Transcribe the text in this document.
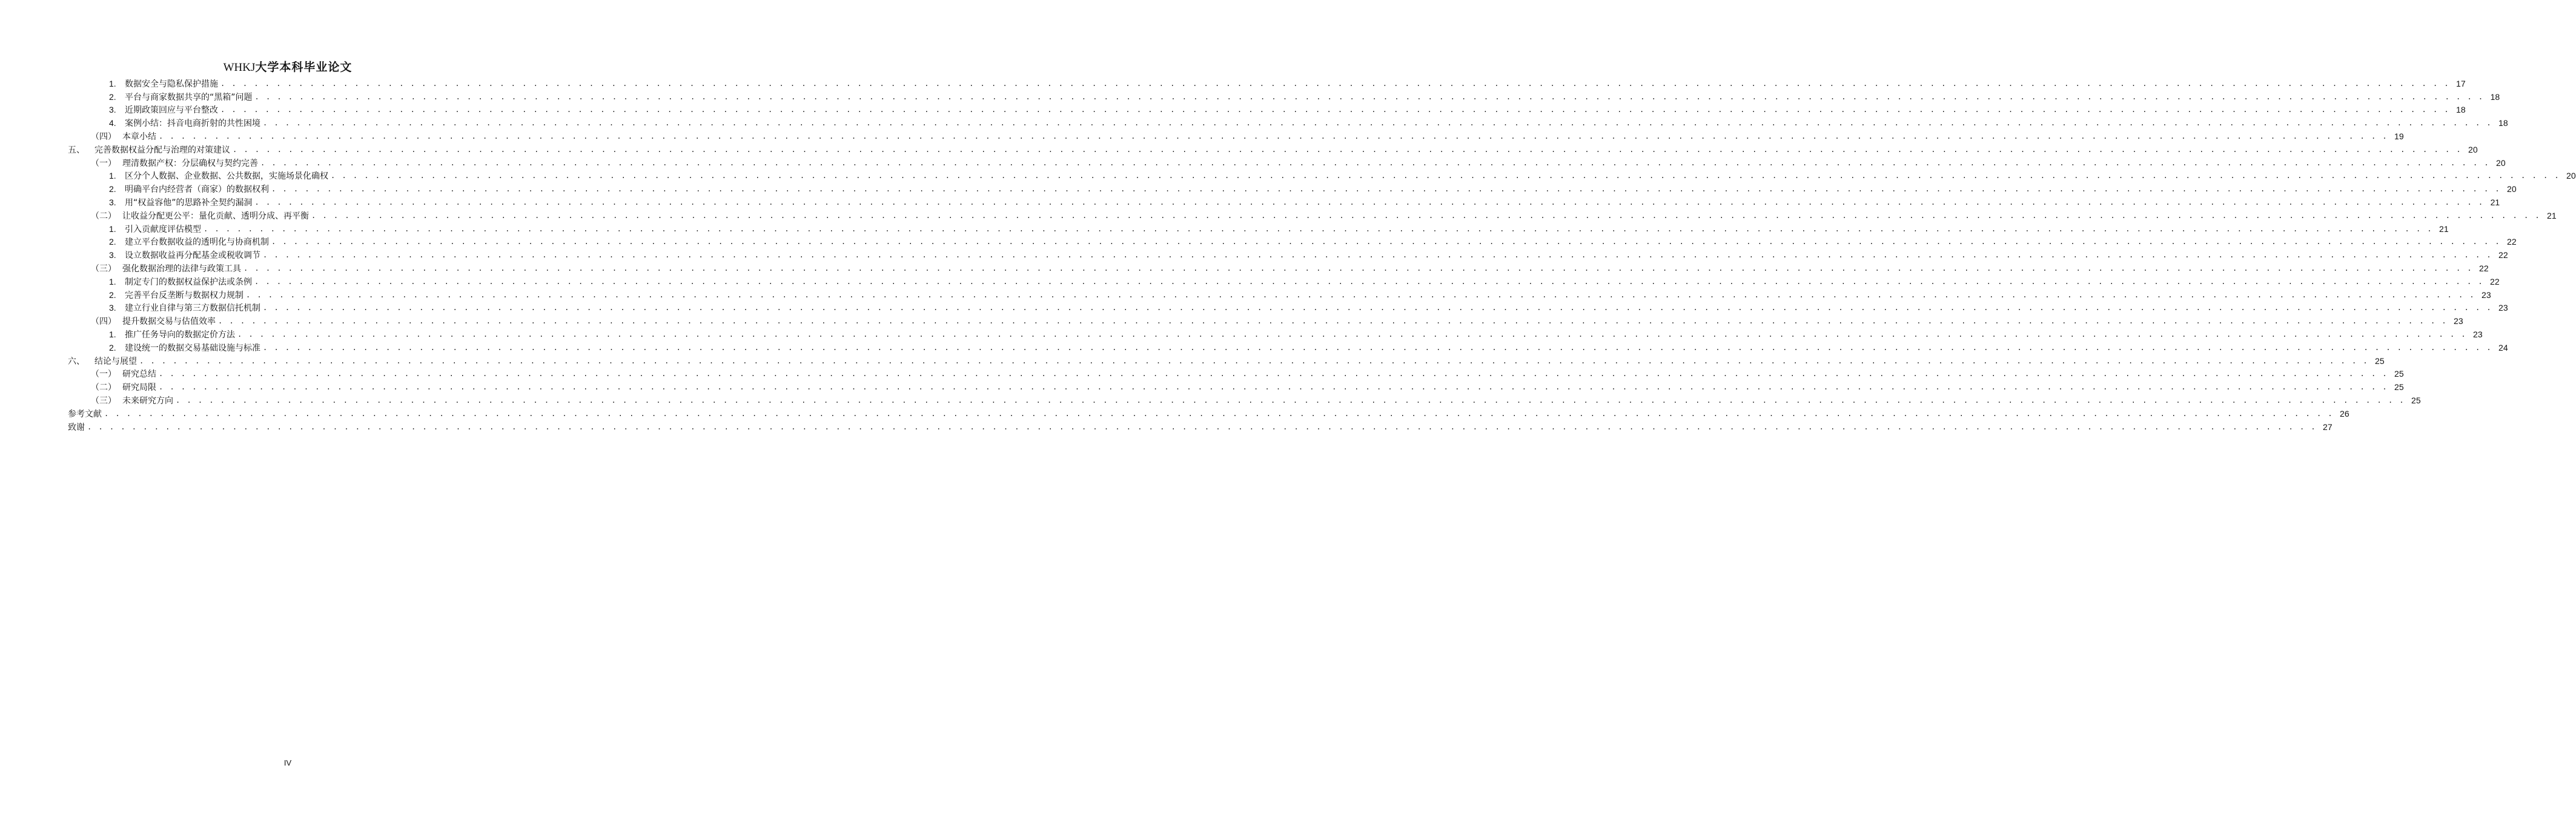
WHKJ大学本科毕业论文
1.	数据安全与隐私保护措施 . . . . . . . . . . . . . . . . . . . . . . . . . . . . . . . . . . . . . . . . . . . . . . . . . . . . . . . . . . . . . . . . . . . . . . . . . . . . . . . . . . . . . . . . . . . . . . . . . . . . . . . . . . . . . . . . . . . . . . . . . . . . . . . . . . . . . . . . . . . . . . . . . . . . . . . . . . . . . . . . . . . . . . . . . . . . . . . . . . . . . . . . . . . . . . . . . . . . . . . . 17
2.	平台与商家数据共享的“黑箱”问题 . . . . . . . . . . . . . . . . . . . . . . . . . . . . . . . . . . . . . . . . . . . . . . . . . . . . . . . . . . . . . . . . . . . . . . . . . . . . . . . . . . . . . . . . . . . . . . . . . . . . . . . . . . . . . . . . . . . . . . . . . . . . . . . . . . . . . . . . . . . . . . . . . . . . . . . . . . . . . . . . . . . . . . . . . . . . . . . . . . . . . . . . . . . . . . . . . . . . . . . . 18
3.	近期政策回应与平台整改 . . . . . . . . . . . . . . . . . . . . . . . . . . . . . . . . . . . . . . . . . . . . . . . . . . . . . . . . . . . . . . . . . . . . . . . . . . . . . . . . . . . . . . . . . . . . . . . . . . . . . . . . . . . . . . . . . . . . . . . . . . . . . . . . . . . . . . . . . . . . . . . . . . . . . . . . . . . . . . . . . . . . . . . . . . . . . . . . . . . . . . . . . . . . . . . . . . . . . . . . 18
4.	案例小结：抖音电商折射的共性困境 . . . . . . . . . . . . . . . . . . . . . . . . . . . . . . . . . . . . . . . . . . . . . . . . . . . . . . . . . . . . . . . . . . . . . . . . . . . . . . . . . . . . . . . . . . . . . . . . . . . . . . . . . . . . . . . . . . . . . . . . . . . . . . . . . . . . . . . . . . . . . . . . . . . . . . . . . . . . . . . . . . . . . . . . . . . . . . . . . . . . . . . . . . . . . . . . . . . . . . . . 18
（四） 本章小结 . . . . . . . . . . . . . . . . . . . . . . . . . . . . . . . . . . . . . . . . . . . . . . . . . . . . . . . . . . . . . . . . . . . . . . . . . . . . . . . . . . . . . . . . . . . . . . . . . . . . . . . . . . . . . . . . . . . . . . . . . . . . . . . . . . . . . . . . . . . . . . . . . . . . . . . . . . . . . . . . . . . . . . . . . . . . . . . . . . . . . . . . . . . . . . . . . . . . . . . . 19
五、	完善数据权益分配与治理的对策建议 . . . . . . . . . . . . . . . . . . . . . . . . . . . . . . . . . . . . . . . . . . . . . . . . . . . . . . . . . . . . . . . . . . . . . . . . . . . . . . . . . . . . . . . . . . . . . . . . . . . . . . . . . . . . . . . . . . . . . . . . . . . . . . . . . . . . . . . . . . . . . . . . . . . . . . . . . . . . . . . . . . . . . . . . . . . . . . . . . . . . . . . . . . . . . . . . . . . . . . . . 20
（一） 理清数据产权：分层确权与契约完善 . . . . . . . . . . . . . . . . . . . . . . . . . . . . . . . . . . . . . . . . . . . . . . . . . . . . . . . . . . . . . . . . . . . . . . . . . . . . . . . . . . . . . . . . . . . . . . . . . . . . . . . . . . . . . . . . . . . . . . . . . . . . . . . . . . . . . . . . . . . . . . . . . . . . . . . . . . . . . . . . . . . . . . . . . . . . . . . . . . . . . . . . . . . . . . . . . . . . . . . . 20
1.	区分个人数据、企业数据、公共数据，实施场景化确权 . . . . . . . . . . . . . . . . . . . . . . . . . . . . . . . . . . . . . . . . . . . . . . . . . . . . . . . . . . . . . . . . . . . . . . . . . . . . . . . . . . . . . . . . . . . . . . . . . . . . . . . . . . . . . . . . . . . . . . . . . . . . . . . . . . . . . . . . . . . . . . . . . . . . . . . . . . . . . . . . . . . . . . . . . . . . . . . . . . . . . . . . . . . . . . . . . . . . . . . . 20
2.	明确平台内经营者（商家）的数据权利 . . . . . . . . . . . . . . . . . . . . . . . . . . . . . . . . . . . . . . . . . . . . . . . . . . . . . . . . . . . . . . . . . . . . . . . . . . . . . . . . . . . . . . . . . . . . . . . . . . . . . . . . . . . . . . . . . . . . . . . . . . . . . . . . . . . . . . . . . . . . . . . . . . . . . . . . . . . . . . . . . . . . . . . . . . . . . . . . . . . . . . . . . . . . . . . . . . . . . . . . 20
3.	用“权益容他”的思路补全契约漏洞 . . . . . . . . . . . . . . . . . . . . . . . . . . . . . . . . . . . . . . . . . . . . . . . . . . . . . . . . . . . . . . . . . . . . . . . . . . . . . . . . . . . . . . . . . . . . . . . . . . . . . . . . . . . . . . . . . . . . . . . . . . . . . . . . . . . . . . . . . . . . . . . . . . . . . . . . . . . . . . . . . . . . . . . . . . . . . . . . . . . . . . . . . . . . . . . . . . . . . . . . 21
（二） 让收益分配更公平：量化贡献、透明分成、再平衡 . . . . . . . . . . . . . . . . . . . . . . . . . . . . . . . . . . . . . . . . . . . . . . . . . . . . . . . . . . . . . . . . . . . . . . . . . . . . . . . . . . . . . . . . . . . . . . . . . . . . . . . . . . . . . . . . . . . . . . . . . . . . . . . . . . . . . . . . . . . . . . . . . . . . . . . . . . . . . . . . . . . . . . . . . . . . . . . . . . . . . . . . . . . . . . . . . . . . . . . . 21
1.	引入贡献度评估模型 . . . . . . . . . . . . . . . . . . . . . . . . . . . . . . . . . . . . . . . . . . . . . . . . . . . . . . . . . . . . . . . . . . . . . . . . . . . . . . . . . . . . . . . . . . . . . . . . . . . . . . . . . . . . . . . . . . . . . . . . . . . . . . . . . . . . . . . . . . . . . . . . . . . . . . . . . . . . . . . . . . . . . . . . . . . . . . . . . . . . . . . . . . . . . . . . . . . . . . . . 21
2.	建立平台数据收益的透明化与协商机制 . . . . . . . . . . . . . . . . . . . . . . . . . . . . . . . . . . . . . . . . . . . . . . . . . . . . . . . . . . . . . . . . . . . . . . . . . . . . . . . . . . . . . . . . . . . . . . . . . . . . . . . . . . . . . . . . . . . . . . . . . . . . . . . . . . . . . . . . . . . . . . . . . . . . . . . . . . . . . . . . . . . . . . . . . . . . . . . . . . . . . . . . . . . . . . . . . . . . . . . . 22
3.	设立数据收益再分配基金或税收调节 . . . . . . . . . . . . . . . . . . . . . . . . . . . . . . . . . . . . . . . . . . . . . . . . . . . . . . . . . . . . . . . . . . . . . . . . . . . . . . . . . . . . . . . . . . . . . . . . . . . . . . . . . . . . . . . . . . . . . . . . . . . . . . . . . . . . . . . . . . . . . . . . . . . . . . . . . . . . . . . . . . . . . . . . . . . . . . . . . . . . . . . . . . . . . . . . . . . . . . . . 22
（三） 强化数据治理的法律与政策工具 . . . . . . . . . . . . . . . . . . . . . . . . . . . . . . . . . . . . . . . . . . . . . . . . . . . . . . . . . . . . . . . . . . . . . . . . . . . . . . . . . . . . . . . . . . . . . . . . . . . . . . . . . . . . . . . . . . . . . . . . . . . . . . . . . . . . . . . . . . . . . . . . . . . . . . . . . . . . . . . . . . . . . . . . . . . . . . . . . . . . . . . . . . . . . . . . . . . . . . . . 22
1.	制定专门的数据权益保护法或条例 . . . . . . . . . . . . . . . . . . . . . . . . . . . . . . . . . . . . . . . . . . . . . . . . . . . . . . . . . . . . . . . . . . . . . . . . . . . . . . . . . . . . . . . . . . . . . . . . . . . . . . . . . . . . . . . . . . . . . . . . . . . . . . . . . . . . . . . . . . . . . . . . . . . . . . . . . . . . . . . . . . . . . . . . . . . . . . . . . . . . . . . . . . . . . . . . . . . . . . . . 22
2.	完善平台反垄断与数据权力规制 . . . . . . . . . . . . . . . . . . . . . . . . . . . . . . . . . . . . . . . . . . . . . . . . . . . . . . . . . . . . . . . . . . . . . . . . . . . . . . . . . . . . . . . . . . . . . . . . . . . . . . . . . . . . . . . . . . . . . . . . . . . . . . . . . . . . . . . . . . . . . . . . . . . . . . . . . . . . . . . . . . . . . . . . . . . . . . . . . . . . . . . . . . . . . . . . . . . . . . . . 23
3.	建立行业自律与第三方数据信托机制 . . . . . . . . . . . . . . . . . . . . . . . . . . . . . . . . . . . . . . . . . . . . . . . . . . . . . . . . . . . . . . . . . . . . . . . . . . . . . . . . . . . . . . . . . . . . . . . . . . . . . . . . . . . . . . . . . . . . . . . . . . . . . . . . . . . . . . . . . . . . . . . . . . . . . . . . . . . . . . . . . . . . . . . . . . . . . . . . . . . . . . . . . . . . . . . . . . . . . . . . 23
（四） 提升数据交易与估值效率 . . . . . . . . . . . . . . . . . . . . . . . . . . . . . . . . . . . . . . . . . . . . . . . . . . . . . . . . . . . . . . . . . . . . . . . . . . . . . . . . . . . . . . . . . . . . . . . . . . . . . . . . . . . . . . . . . . . . . . . . . . . . . . . . . . . . . . . . . . . . . . . . . . . . . . . . . . . . . . . . . . . . . . . . . . . . . . . . . . . . . . . . . . . . . . . . . . . . . . . . 23
1.	推广任务导向的数据定价方法 . . . . . . . . . . . . . . . . . . . . . . . . . . . . . . . . . . . . . . . . . . . . . . . . . . . . . . . . . . . . . . . . . . . . . . . . . . . . . . . . . . . . . . . . . . . . . . . . . . . . . . . . . . . . . . . . . . . . . . . . . . . . . . . . . . . . . . . . . . . . . . . . . . . . . . . . . . . . . . . . . . . . . . . . . . . . . . . . . . . . . . . . . . . . . . . . . . . . . . . . 23
2.	建设统一的数据交易基础设施与标准 . . . . . . . . . . . . . . . . . . . . . . . . . . . . . . . . . . . . . . . . . . . . . . . . . . . . . . . . . . . . . . . . . . . . . . . . . . . . . . . . . . . . . . . . . . . . . . . . . . . . . . . . . . . . . . . . . . . . . . . . . . . . . . . . . . . . . . . . . . . . . . . . . . . . . . . . . . . . . . . . . . . . . . . . . . . . . . . . . . . . . . . . . . . . . . . . . . . . . . . . 24
六、	结论与展望 . . . . . . . . . . . . . . . . . . . . . . . . . . . . . . . . . . . . . . . . . . . . . . . . . . . . . . . . . . . . . . . . . . . . . . . . . . . . . . . . . . . . . . . . . . . . . . . . . . . . . . . . . . . . . . . . . . . . . . . . . . . . . . . . . . . . . . . . . . . . . . . . . . . . . . . . . . . . . . . . . . . . . . . . . . . . . . . . . . . . . . . . . . . . . . . . . . . . . . . . 25
（一） 研究总结 . . . . . . . . . . . . . . . . . . . . . . . . . . . . . . . . . . . . . . . . . . . . . . . . . . . . . . . . . . . . . . . . . . . . . . . . . . . . . . . . . . . . . . . . . . . . . . . . . . . . . . . . . . . . . . . . . . . . . . . . . . . . . . . . . . . . . . . . . . . . . . . . . . . . . . . . . . . . . . . . . . . . . . . . . . . . . . . . . . . . . . . . . . . . . . . . . . . . . . . . 25
（二） 研究局限 . . . . . . . . . . . . . . . . . . . . . . . . . . . . . . . . . . . . . . . . . . . . . . . . . . . . . . . . . . . . . . . . . . . . . . . . . . . . . . . . . . . . . . . . . . . . . . . . . . . . . . . . . . . . . . . . . . . . . . . . . . . . . . . . . . . . . . . . . . . . . . . . . . . . . . . . . . . . . . . . . . . . . . . . . . . . . . . . . . . . . . . . . . . . . . . . . . . . . . . . 25
（三） 未来研究方向 . . . . . . . . . . . . . . . . . . . . . . . . . . . . . . . . . . . . . . . . . . . . . . . . . . . . . . . . . . . . . . . . . . . . . . . . . . . . . . . . . . . . . . . . . . . . . . . . . . . . . . . . . . . . . . . . . . . . . . . . . . . . . . . . . . . . . . . . . . . . . . . . . . . . . . . . . . . . . . . . . . . . . . . . . . . . . . . . . . . . . . . . . . . . . . . . . . . . . . . . 25
参考文献 . . . . . . . . . . . . . . . . . . . . . . . . . . . . . . . . . . . . . . . . . . . . . . . . . . . . . . . . . . . . . . . . . . . . . . . . . . . . . . . . . . . . . . . . . . . . . . . . . . . . . . . . . . . . . . . . . . . . . . . . . . . . . . . . . . . . . . . . . . . . . . . . . . . . . . . . . . . . . . . . . . . . . . . . . . . . . . . . . . . . . . . . . . . . . . . . . . . . . . . . 26
致谢 . . . . . . . . . . . . . . . . . . . . . . . . . . . . . . . . . . . . . . . . . . . . . . . . . . . . . . . . . . . . . . . . . . . . . . . . . . . . . . . . . . . . . . . . . . . . . . . . . . . . . . . . . . . . . . . . . . . . . . . . . . . . . . . . . . . . . . . . . . . . . . . . . . . . . . . . . . . . . . . . . . . . . . . . . . . . . . . . . . . . . . . . . . . . . . . . . . . . . . . . 27
IV
